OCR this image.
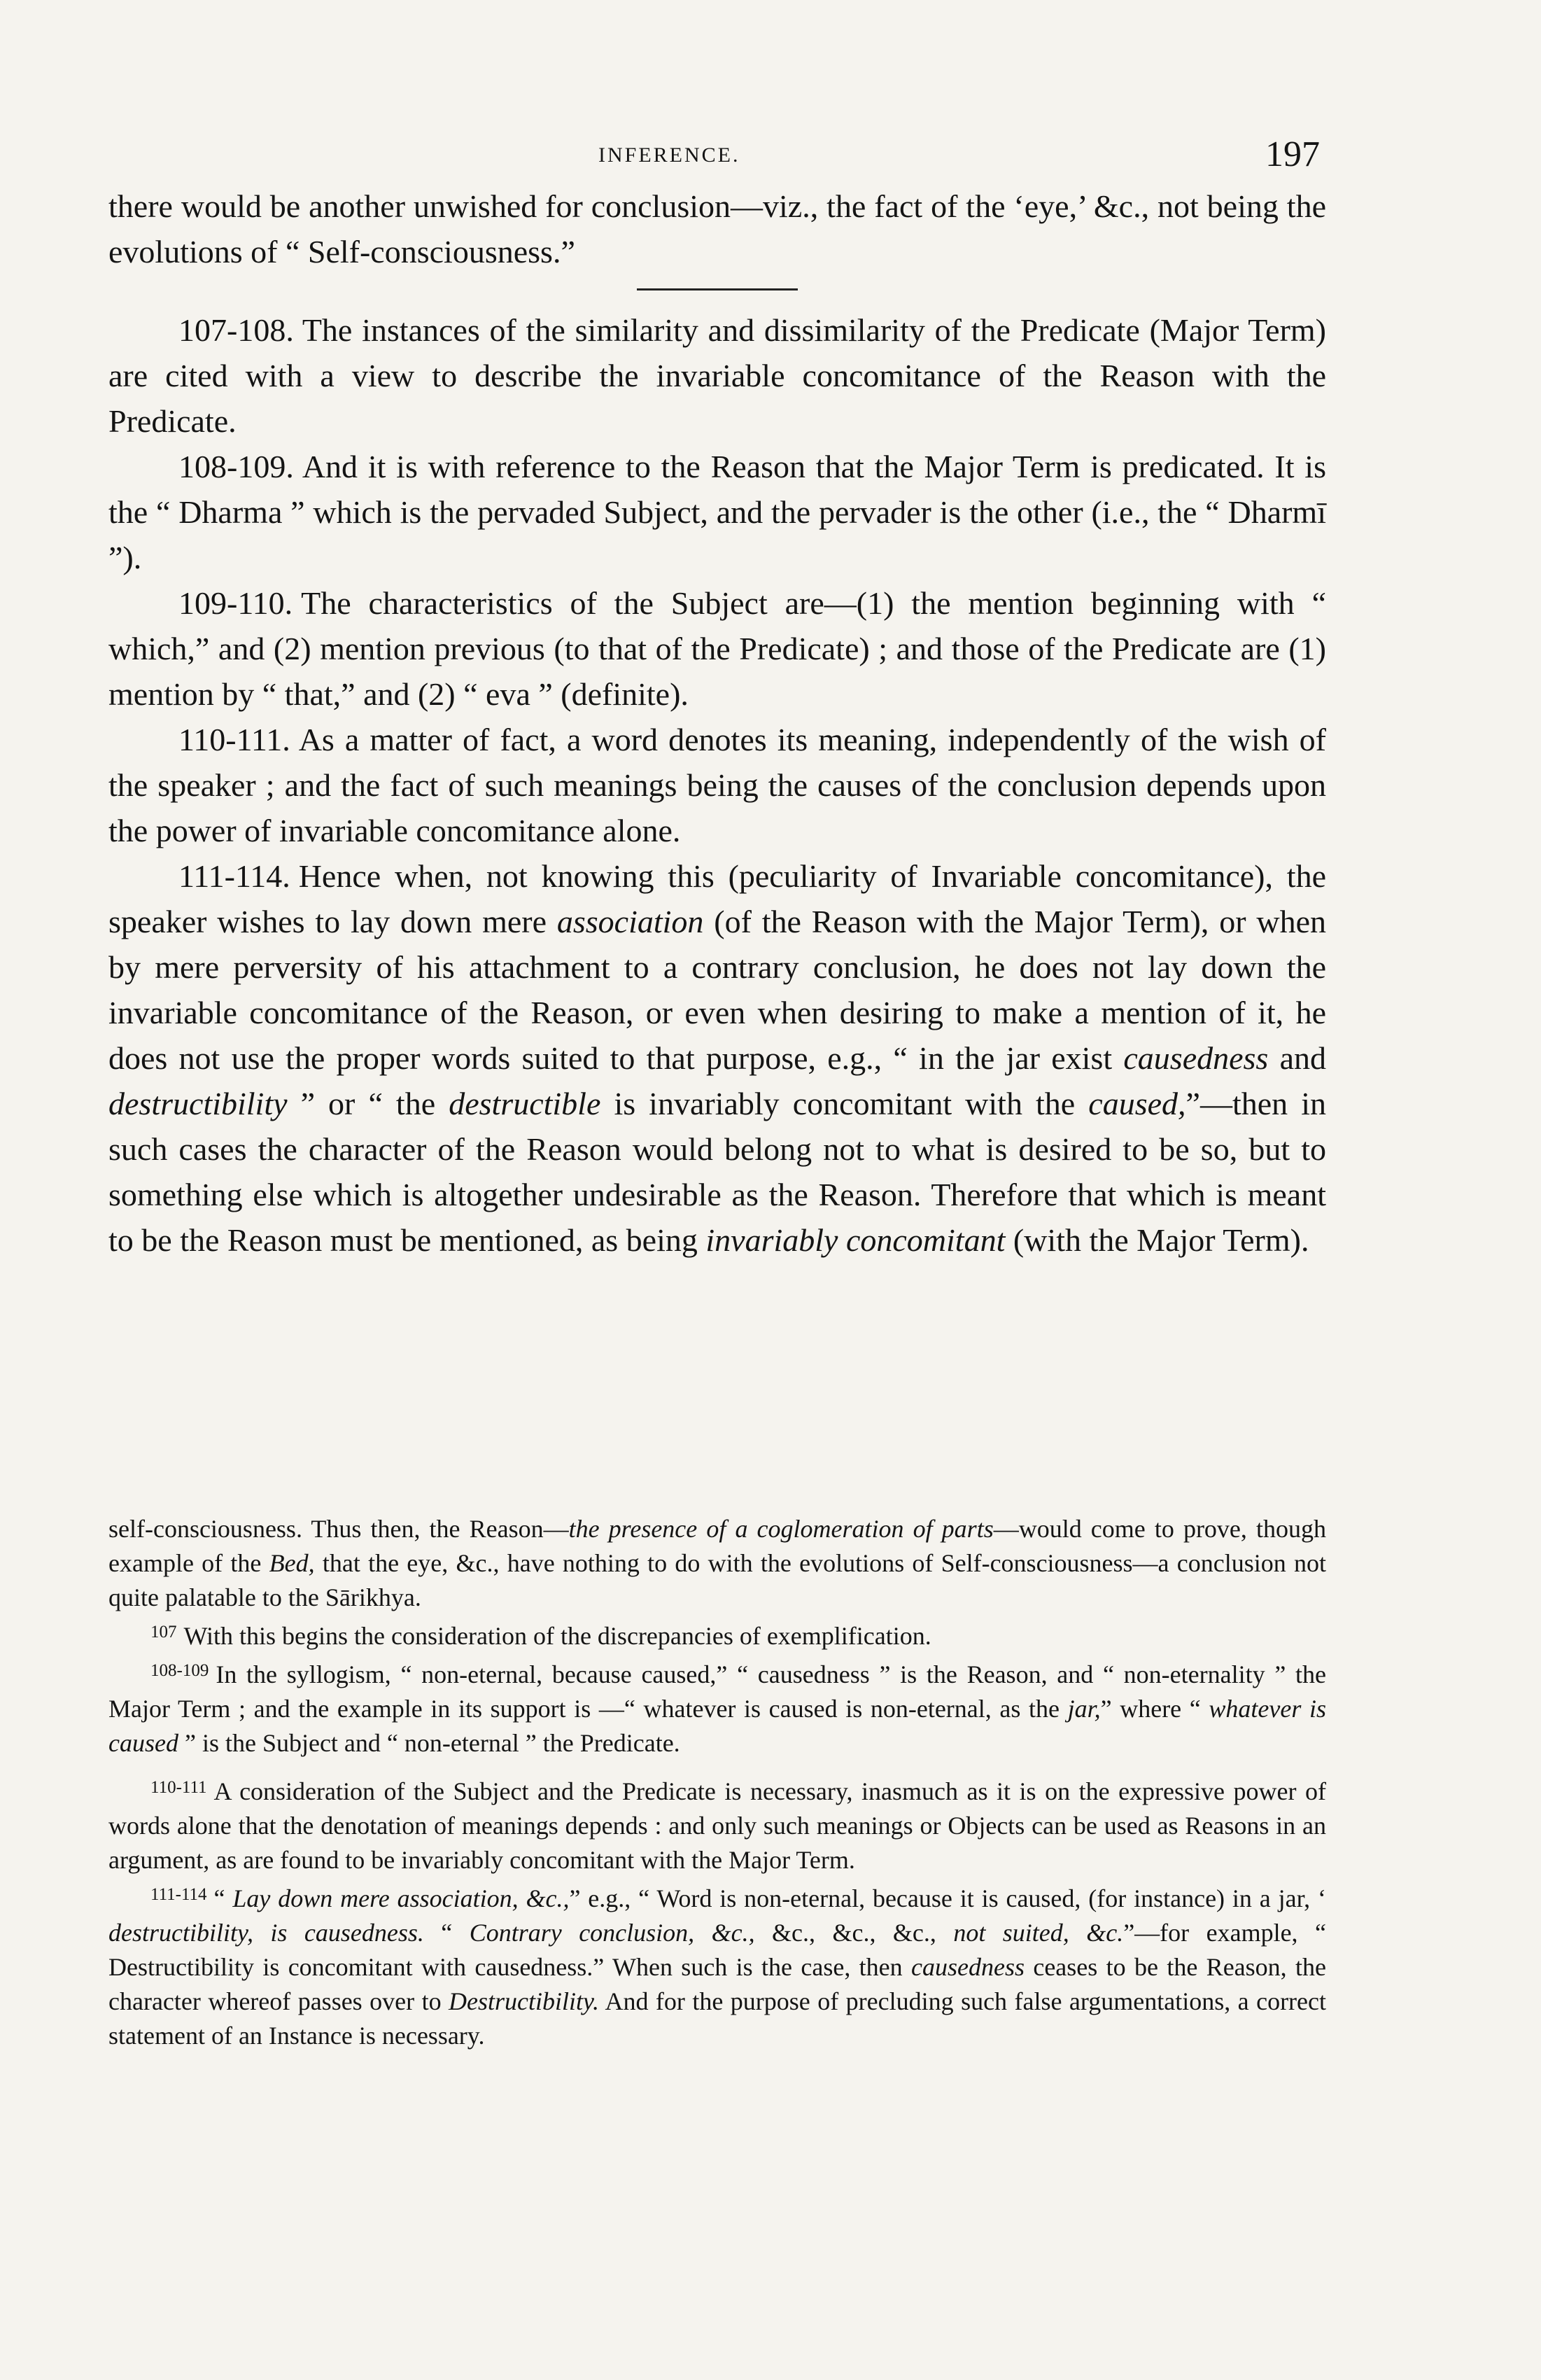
INFERENCE.	197

there would be another unwished for conclusion—viz., the fact of the ‘eye,’ &c., not being the evolutions of “ Self-consciousness.”

107-108. The instances of the similarity and dissimilarity of the Predicate (Major Term) are cited with a view to describe the invariable concomitance of the Reason with the Predicate.

108-109. And it is with reference to the Reason that the Major Term is predicated. It is the “ Dharma ” which is the pervaded Subject, and the pervader is the other (i.e., the “ Dharmī ”).

109-110. The characteristics of the Subject are—(1) the mention beginning with “ which,” and (2) mention previous (to that of the Predicate) ; and those of the Predicate are (1) mention by “ that,” and (2) “ eva ” (definite).

110-111. As a matter of fact, a word denotes its meaning, independently of the wish of the speaker ; and the fact of such meanings being the causes of the conclusion depends upon the power of invariable concomitance alone.

111-114. Hence when, not knowing this (peculiarity of Invariable concomitance), the speaker wishes to lay down mere association (of the Reason with the Major Term), or when by mere perversity of his attachment to a contrary conclusion, he does not lay down the invariable concomitance of the Reason, or even when desiring to make a mention of it, he does not use the proper words suited to that purpose, e.g., “ in the jar exist causedness and destructibility ” or “ the destructible is invariably concomitant with the caused,”—then in such cases the character of the Reason would belong not to what is desired to be so, but to something else which is altogether undesirable as the Reason. Therefore that which is meant to be the Reason must be mentioned, as being invariably concomitant (with the Major Term).

self-consciousness. Thus then, the Reason—the presence of a coglomeration of parts—would come to prove, though example of the Bed, that the eye, &c., have nothing to do with the evolutions of Self-consciousness—a conclusion not quite palatable to the Sārikhya.

$^{107}$ With this begins the consideration of the discrepancies of exemplification.

$^{108-109}$ In the syllogism, “ non-eternal, because caused,” “ causedness ” is the Reason, and “ non-eternality ” the Major Term ; and the example in its support is —“ whatever is caused is non-eternal, as the jar,” where “ whatever is caused ” is the Subject and “ non-eternal ” the Predicate.

$^{110-111}$ A consideration of the Subject and the Predicate is necessary, inasmuch as it is on the expressive power of words alone that the denotation of meanings depends : and only such meanings or Objects can be used as Reasons in an argument, as are found to be invariably concomitant with the Major Term.

$^{111-114}$ “ Lay down mere association, &c.,” e.g., “ Word is non-eternal, because it is caused, (for instance) in a jar, ‘ destructibility, is causedness. “ Contrary conclusion, &c., &c., &c., &c., not suited, &c.”—for example, “ Destructibility is concomitant with causedness.” When such is the case, then causedness ceases to be the Reason, the character whereof passes over to Destructibility. And for the purpose of precluding such false argumentations, a correct statement of an Instance is necessary.
